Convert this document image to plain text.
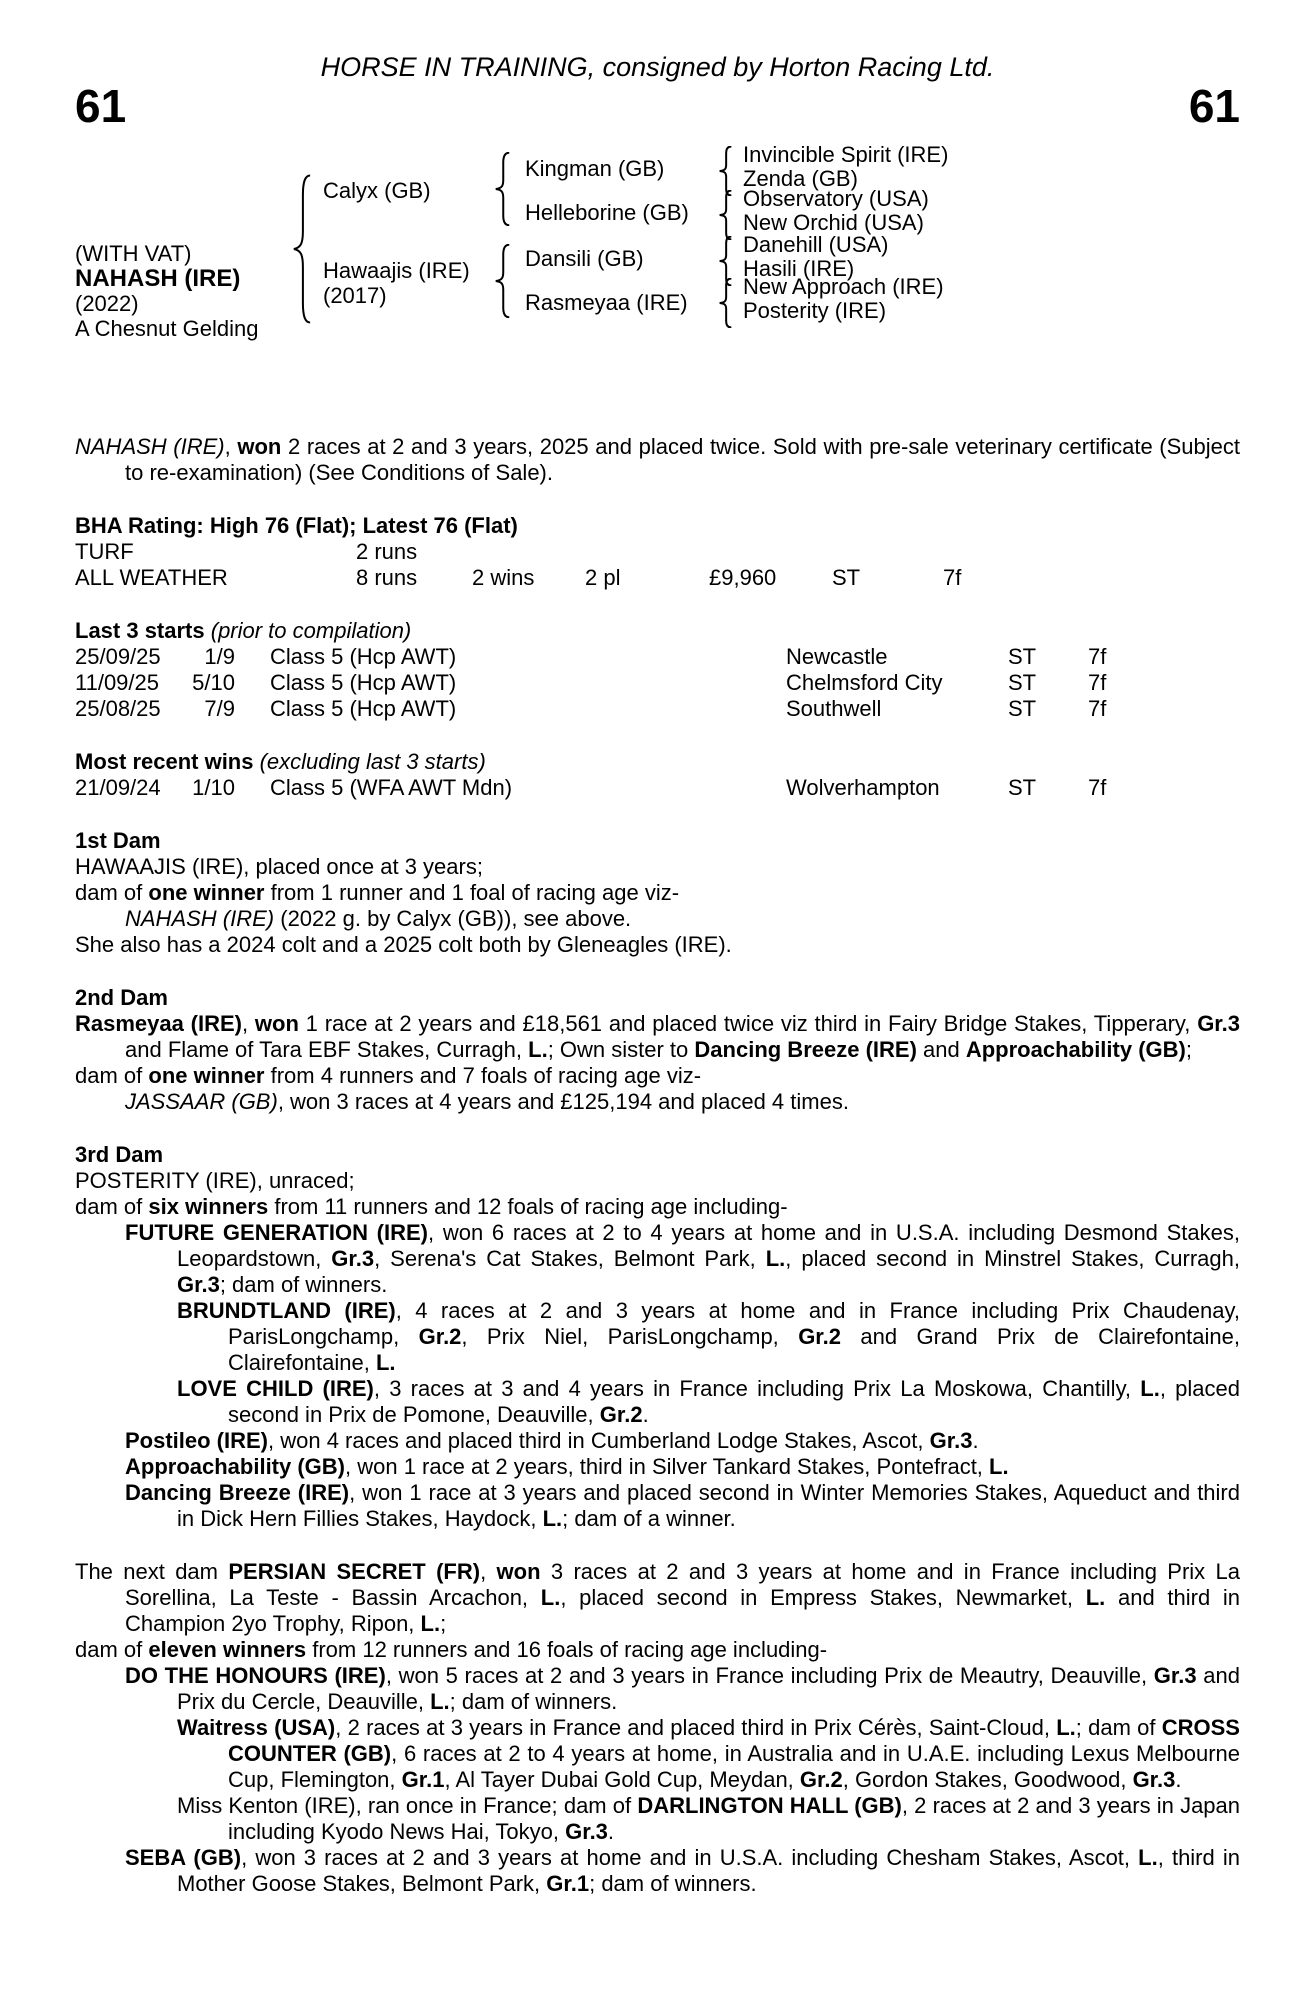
HORSE IN TRAINING, consigned by Horton Racing Ltd.
61	61
(WITH VAT)
NAHASH (IRE)
(2022)
A Chesnut Gelding
Calyx (GB)
Hawaajis (IRE)
(2017)
Kingman (GB)
Helleborine (GB)
Dansili (GB)
Rasmeyaa (IRE)
Invincible Spirit (IRE)
Zenda (GB)
Observatory (USA)
New Orchid (USA)
Danehill (USA)
Hasili (IRE)
New Approach (IRE)
Posterity (IRE)

NAHASH (IRE), won 2 races at 2 and 3 years, 2025 and placed twice. Sold with pre-sale veterinary certificate (Subject to re-examination) (See Conditions of Sale).

BHA Rating: High 76 (Flat); Latest 76 (Flat)
TURF	2 runs
ALL WEATHER	8 runs	2 wins	2 pl	£9,960	ST	7f
Last 3 starts (prior to compilation)
25/09/25	1/9	Class 5 (Hcp AWT)	Newcastle	ST	7f
11/09/25	5/10	Class 5 (Hcp AWT)	Chelmsford City	ST	7f
25/08/25	7/9	Class 5 (Hcp AWT)	Southwell	ST	7f
Most recent wins (excluding last 3 starts)
21/09/24	1/10	Class 5 (WFA AWT Mdn)	Wolverhampton	ST	7f
1st Dam

HAWAAJIS (IRE), placed once at 3 years;

dam of one winner from 1 runner and 1 foal of racing age viz-

NAHASH (IRE) (2022 g. by Calyx (GB)), see above.

She also has a 2024 colt and a 2025 colt both by Gleneagles (IRE).

2nd Dam

Rasmeyaa (IRE), won 1 race at 2 years and £18,561 and placed twice viz third in Fairy Bridge Stakes, Tipperary, Gr.3 and Flame of Tara EBF Stakes, Curragh, L.; Own sister to Dancing Breeze (IRE) and Approachability (GB);

dam of one winner from 4 runners and 7 foals of racing age viz-

JASSAAR (GB), won 3 races at 4 years and £125,194 and placed 4 times.

3rd Dam

POSTERITY (IRE), unraced;

dam of six winners from 11 runners and 12 foals of racing age including-

FUTURE GENERATION (IRE), won 6 races at 2 to 4 years at home and in U.S.A. including Desmond Stakes, Leopardstown, Gr.3, Serena's Cat Stakes, Belmont Park, L., placed second in Minstrel Stakes, Curragh, Gr.3; dam of winners.

BRUNDTLAND (IRE), 4 races at 2 and 3 years at home and in France including Prix Chaudenay, ParisLongchamp, Gr.2, Prix Niel, ParisLongchamp, Gr.2 and Grand Prix de Clairefontaine, Clairefontaine, L.

LOVE CHILD (IRE), 3 races at 3 and 4 years in France including Prix La Moskowa, Chantilly, L., placed second in Prix de Pomone, Deauville, Gr.2.

Postileo (IRE), won 4 races and placed third in Cumberland Lodge Stakes, Ascot, Gr.3.

Approachability (GB), won 1 race at 2 years, third in Silver Tankard Stakes, Pontefract, L.

Dancing Breeze (IRE), won 1 race at 3 years and placed second in Winter Memories Stakes, Aqueduct and third in Dick Hern Fillies Stakes, Haydock, L.; dam of a winner.

The next dam PERSIAN SECRET (FR), won 3 races at 2 and 3 years at home and in France including Prix La Sorellina, La Teste - Bassin Arcachon, L., placed second in Empress Stakes, Newmarket, L. and third in Champion 2yo Trophy, Ripon, L.;

dam of eleven winners from 12 runners and 16 foals of racing age including-

DO THE HONOURS (IRE), won 5 races at 2 and 3 years in France including Prix de Meautry, Deauville, Gr.3 and Prix du Cercle, Deauville, L.; dam of winners.

Waitress (USA), 2 races at 3 years in France and placed third in Prix Cérès, Saint-Cloud, L.; dam of CROSS COUNTER (GB), 6 races at 2 to 4 years at home, in Australia and in U.A.E. including Lexus Melbourne Cup, Flemington, Gr.1, Al Tayer Dubai Gold Cup, Meydan, Gr.2, Gordon Stakes, Goodwood, Gr.3.

Miss Kenton (IRE), ran once in France; dam of DARLINGTON HALL (GB), 2 races at 2 and 3 years in Japan including Kyodo News Hai, Tokyo, Gr.3.

SEBA (GB), won 3 races at 2 and 3 years at home and in U.S.A. including Chesham Stakes, Ascot, L., third in Mother Goose Stakes, Belmont Park, Gr.1; dam of winners.
